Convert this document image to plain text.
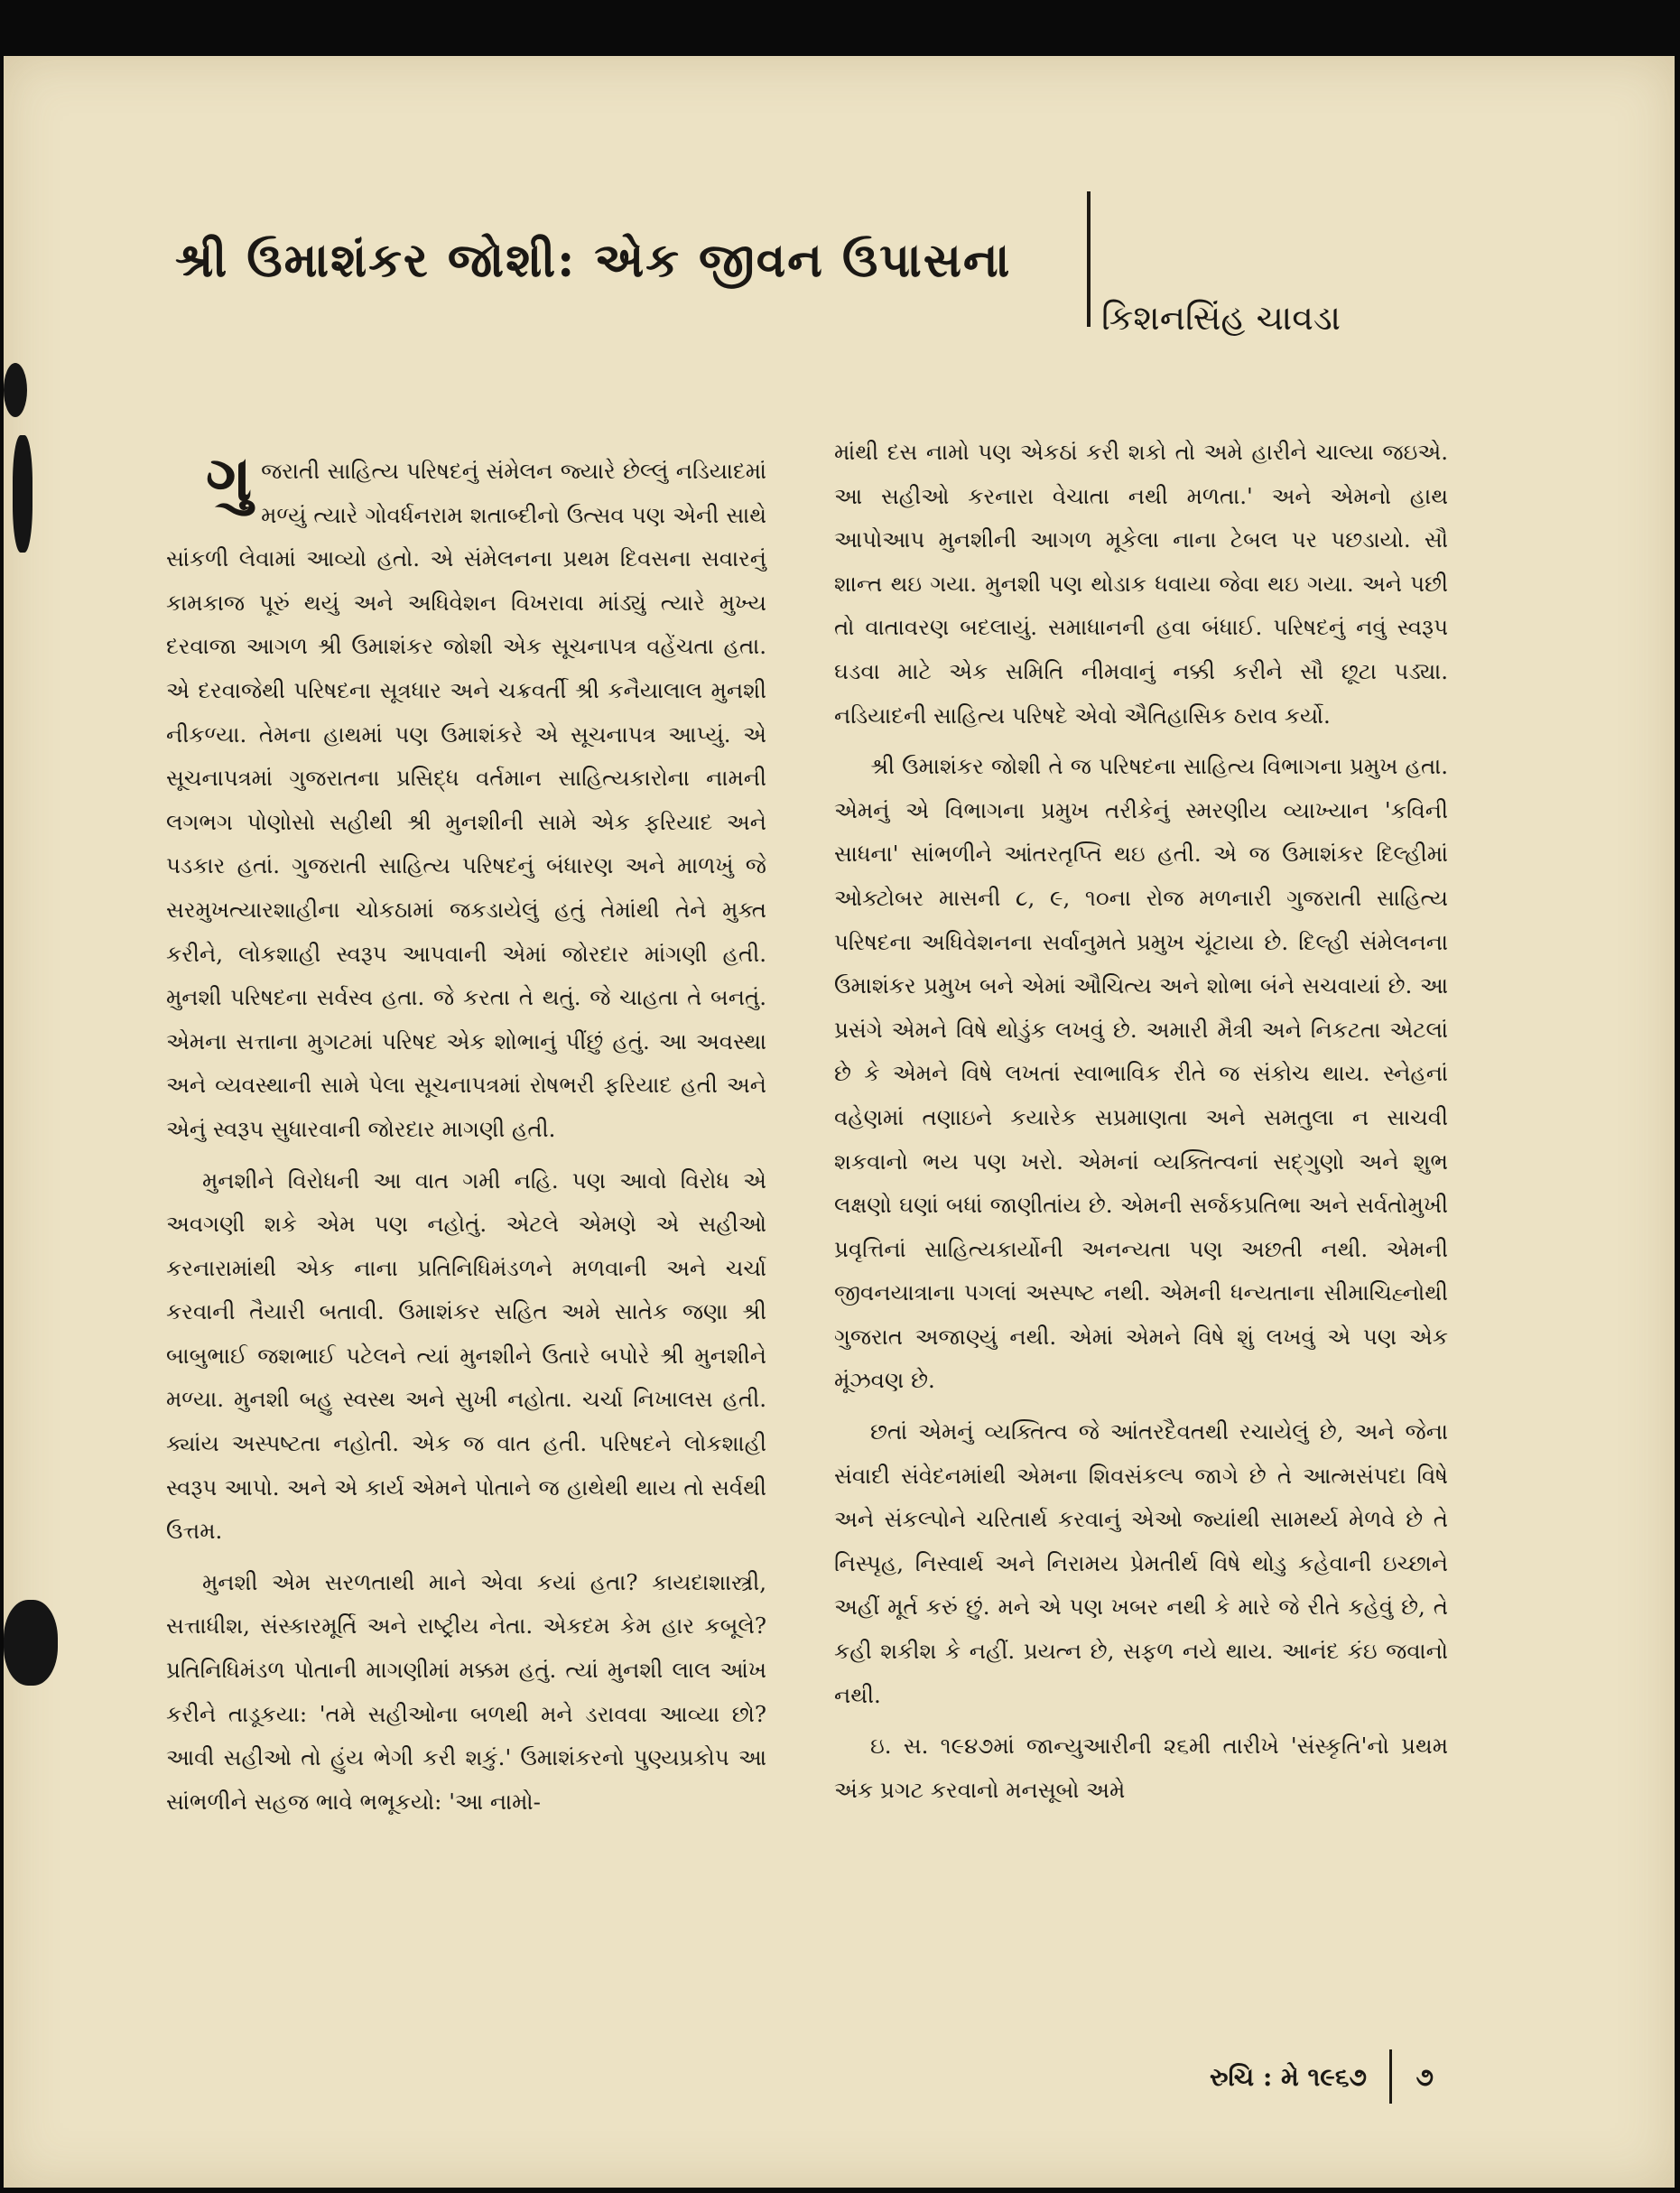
શ્રી ઉમાશંકર જોશી: એક જીવન ઉપાસના
કિશનસિંહ ચાવડા

ગુજરાતી સાહિત્ય પરિષદનું સંમેલન જ્યારે છેલ્લું નડિયાદમાં મળ્યું ત્યારે ગોવર્ધનરામ શતાબ્દીનો ઉત્સવ પણ એની સાથે સાંકળી લેવામાં આવ્યો હતો. એ સંમેલનના પ્રથમ દિવસના સવારનું કામકાજ પૂરું થયું અને અધિવેશન વિખરાવા માંડ્યું ત્યારે મુખ્ય દરવાજા આગળ શ્રી ઉમાશંકર જોશી એક સૂચનાપત્ર વહેંચતા હતા. એ દરવાજેથી પરિષદના સૂત્રધાર અને ચક્રવર્તી શ્રી કનૈયાલાલ મુનશી નીકળ્યા. તેમના હાથમાં પણ ઉમાશંકરે એ સૂચનાપત્ર આપ્યું. એ સૂચનાપત્રમાં ગુજરાતના પ્રસિદ્ધ વર્તમાન સાહિત્યકારોના નામની લગભગ પોણોસો સહીથી શ્રી મુનશીની સામે એક ફરિયાદ અને પડકાર હતાં. ગુજરાતી સાહિત્ય પરિષદનું બંધારણ અને માળખું જે સરમુખત્યારશાહીના ચોકઠામાં જકડાયેલું હતું તેમાંથી તેને મુક્ત કરીને, લોકશાહી સ્વરૂપ આપવાની એમાં જોરદાર માંગણી હતી. મુનશી પરિષદના સર્વસ્વ હતા. જે કરતા તે થતું. જે ચાહતા તે બનતું. એમના સત્તાના મુગટમાં પરિષદ એક શોભાનું પીંછું હતું. આ અવસ્થા અને વ્યવસ્થાની સામે પેલા સૂચનાપત્રમાં રોષભરી ફરિયાદ હતી અને એનું સ્વરૂપ સુધારવાની જોરદાર માગણી હતી.

મુનશીને વિરોધની આ વાત ગમી નહિ. પણ આવો વિરોધ એ અવગણી શકે એમ પણ નહોતું. એટલે એમણે એ સહીઓ કરનારામાંથી એક નાના પ્રતિનિધિમંડળને મળવાની અને ચર્ચા કરવાની તૈયારી બતાવી. ઉમાશંકર સહિત અમે સાતેક જણા શ્રી બાબુભાઈ જશભાઈ પટેલને ત્યાં મુનશીને ઉતારે બપોરે શ્રી મુનશીને મળ્યા. મુનશી બહુ સ્વસ્થ અને સુખી નહોતા. ચર્ચા નિખાલસ હતી. ક્યાંય અસ્પષ્ટતા નહોતી. એક જ વાત હતી. પરિષદને લોકશાહી સ્વરૂપ આપો. અને એ કાર્ય એમને પોતાને જ હાથેથી થાય તો સર્વથી ઉત્તમ.

મુનશી એમ સરળતાથી માને એવા કયાં હતા? કાયદાશાસ્ત્રી, સત્તાધીશ, સંસ્કારમૂર્તિ અને રાષ્ટ્રીય નેતા. એકદમ કેમ હાર કબૂલે? પ્રતિનિધિમંડળ પોતાની માગણીમાં મક્કમ હતું. ત્યાં મુનશી લાલ આંખ કરીને તાડૂકયા: 'તમે સહીઓના બળથી મને ડરાવવા આવ્યા છો? આવી સહીઓ તો હુંય ભેગી કરી શકું.' ઉમાશંકરનો પુણ્યપ્રકોપ આ સાંભળીને સહજ ભાવે ભભૂકયો: 'આ નામો-

માંથી દસ નામો પણ એકઠાં કરી શકો તો અમે હારીને ચાલ્યા જઇએ. આ સહીઓ કરનારા વેચાતા નથી મળતા.' અને એમનો હાથ આપોઆપ મુનશીની આગળ મૂકેલા નાના ટેબલ પર પછડાયો. સૌ શાન્ત થઇ ગયા. મુનશી પણ થોડાક ધવાયા જેવા થઇ ગયા. અને પછી તો વાતાવરણ બદલાયું. સમાધાનની હવા બંધાઈ. પરિષદનું નવું સ્વરૂપ ઘડવા માટે એક સમિતિ નીમવાનું નક્કી કરીને સૌ છૂટા પડ્યા. નડિયાદની સાહિત્ય પરિષદે એવો ઐતિહાસિક ઠરાવ કર્યો.

શ્રી ઉમાશંકર જોશી તે જ પરિષદના સાહિત્ય વિભાગના પ્રમુખ હતા. એમનું એ વિભાગના પ્રમુખ તરીકેનું સ્મરણીય વ્યાખ્યાન 'કવિની સાધના' સાંભળીને આંતરતૃપ્તિ થઇ હતી. એ જ ઉમાશંકર દિલ્હીમાં ઓક્ટોબર માસની ૮, ૯, ૧૦ના રોજ મળનારી ગુજરાતી સાહિત્ય પરિષદના અધિવેશનના સર્વાનુમતે પ્રમુખ ચૂંટાયા છે. દિલ્હી સંમેલનના ઉમાશંકર પ્રમુખ બને એમાં ઔચિત્ય અને શોભા બંને સચવાયાં છે. આ પ્રસંગે એમને વિષે થોડુંક લખવું છે. અમારી મૈત્રી અને નિકટતા એટલાં છે કે એમને વિષે લખતાં સ્વાભાવિક રીતે જ સંકોચ થાય. સ્નેહનાં વહેણમાં તણાઇને કયારેક સપ્રમાણતા અને સમતુલા ન સાચવી શકવાનો ભય પણ ખરો. એમનાં વ્યક્તિત્વનાં સદ્ગુણો અને શુભ લક્ષણો ઘણાં બધાં જાણીતાંય છે. એમની સર્જકપ્રતિભા અને સર્વતોમુખી પ્રવૃત્તિનાં સાહિત્યકાર્યોની અનન્યતા પણ અછતી નથી. એમની જીવનયાત્રાના પગલાં અસ્પષ્ટ નથી. એમની ધન્યતાના સીમાચિહ્નોથી ગુજરાત અજાણ્યું નથી. એમાં એમને વિષે શું લખવું એ પણ એક મૂંઝવણ છે.

છતાં એમનું વ્યક્તિત્વ જે આંતરદૈવતથી રચાયેલું છે, અને જેના સંવાદી સંવેદનમાંથી એમના શિવસંકલ્પ જાગે છે તે આત્મસંપદા વિષે અને સંકલ્પોને ચરિતાર્થ કરવાનું એઓ જ્યાંથી સામર્થ્ય મેળવે છે તે નિસ્પૃહ, નિસ્વાર્થ અને નિરામય પ્રેમતીર્થ વિષે થોડુ કહેવાની ઇચ્છાને અહીં મૂર્ત કરું છું. મને એ પણ ખબર નથી કે મારે જે રીતે કહેવું છે, તે કહી શકીશ કે નહીં. પ્રયત્ન છે, સફળ નયે થાય. આનંદ કંઇ જવાનો નથી.

ઇ. સ. ૧૯૪૭માં જાન્યુઆરીની ૨૬મી તારીખે 'સંસ્કૃતિ'નો પ્રથમ અંક પ્રગટ કરવાનો મનસૂબો અમે

રુચિ : મે ૧૯૬૭ ૭
